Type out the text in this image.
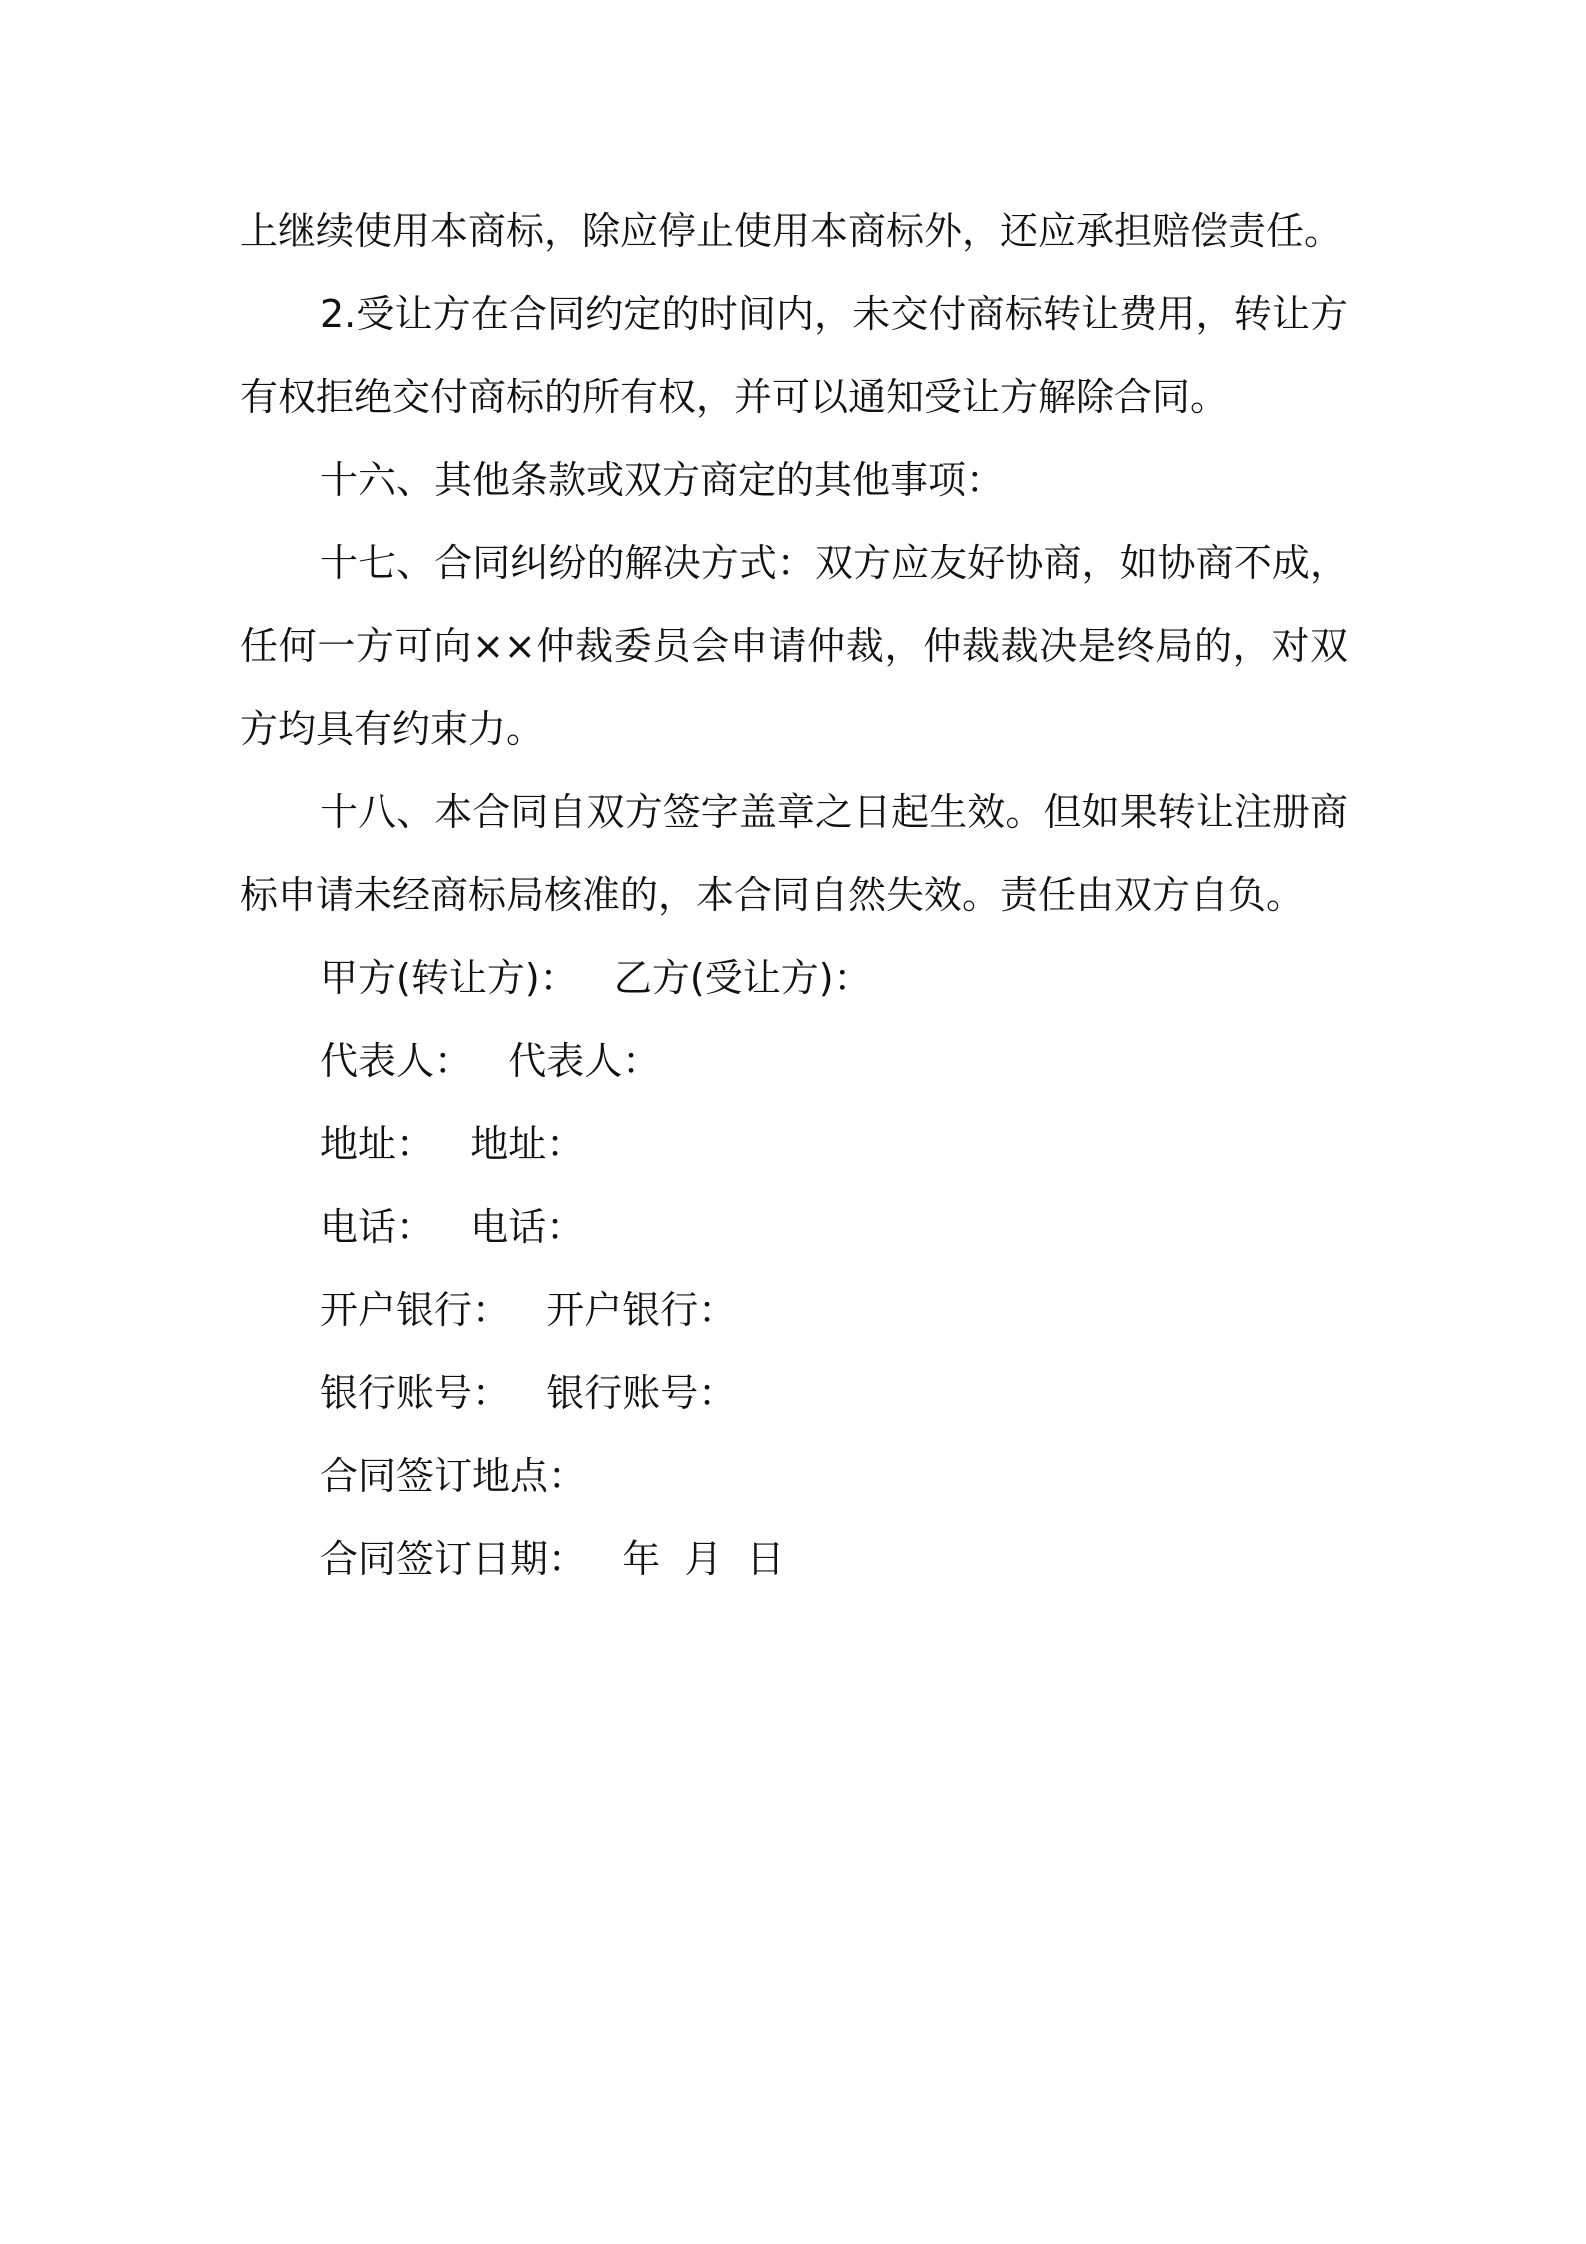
上继续使用本商标，除应停止使用本商标外，还应承担赔偿责任。

2.受让方在合同约定的时间内，未交付商标转让费用，转让方有权拒绝交付商标的所有权，并可以通知受让方解除合同。

十六、其他条款或双方商定的其他事项：

十七、合同纠纷的解决方式：双方应友好协商，如协商不成，任何一方可向××仲裁委员会申请仲裁，仲裁裁决是终局的，对双方均具有约束力。

十八、本合同自双方签字盖章之日起生效。但如果转让注册商标申请未经商标局核准的，本合同自然失效。责任由双方自负。

甲方(转让方)：   乙方(受让方)：

代表人：   代表人：

地址：   地址：

电话：   电话：

开户银行：   开户银行：

银行账号：   银行账号：

合同签订地点：

合同签订日期：   年  月  日
